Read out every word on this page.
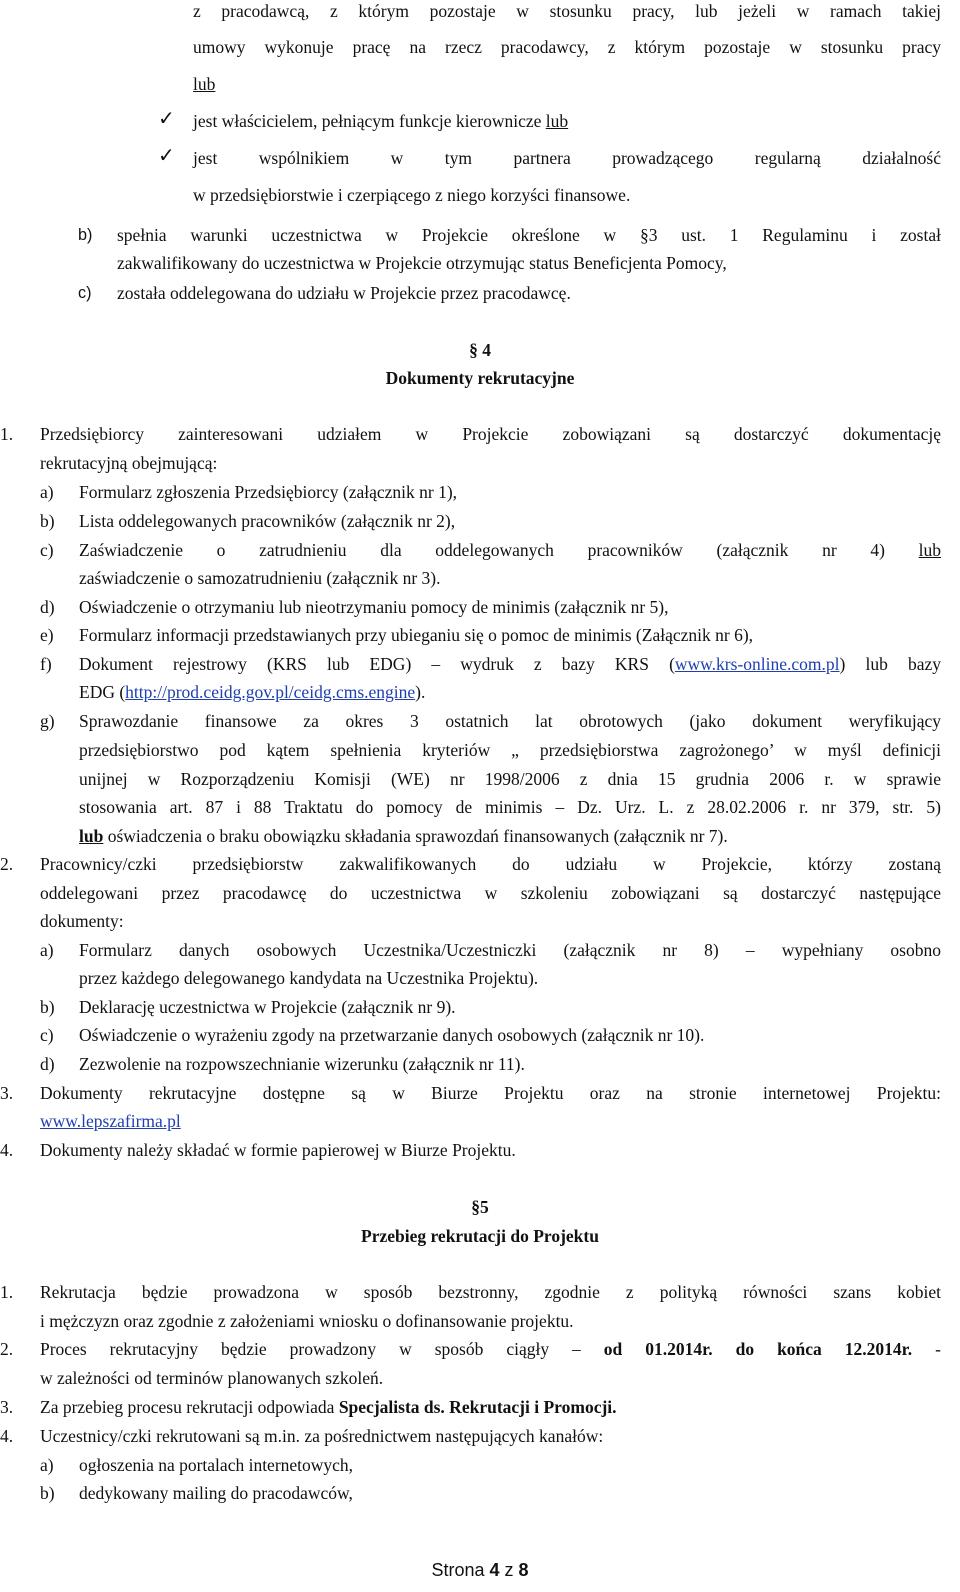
z pracodawcą, z którym pozostaje w stosunku pracy, lub jeżeli w ramach takiej
umowy wykonuje pracę na rzecz pracodawcy, z którym pozostaje w stosunku pracy
lub
✓ jest właścicielem, pełniącym funkcje kierownicze lub
✓ jest wspólnikiem w tym partnera prowadzącego regularną działalność
w przedsiębiorstwie i czerpiącego z niego korzyści finansowe.
b) spełnia warunki uczestnictwa w Projekcie określone w §3 ust. 1 Regulaminu i został
zakwalifikowany do uczestnictwa w Projekcie otrzymując status Beneficjenta Pomocy,
c) została oddelegowana do udziału w Projekcie przez pracodawcę.
§ 4
Dokumenty rekrutacyjne
1. Przedsiębiorcy zainteresowani udziałem w Projekcie zobowiązani są dostarczyć dokumentację
rekrutacyjną obejmującą:
a) Formularz zgłoszenia Przedsiębiorcy (załącznik nr 1),
b) Lista oddelegowanych pracowników (załącznik nr 2),
c) Zaświadczenie o zatrudnieniu dla oddelegowanych pracowników (załącznik nr 4) lub
zaświadczenie o samozatrudnieniu (załącznik nr 3).
d) Oświadczenie o otrzymaniu lub nieotrzymaniu pomocy de minimis (załącznik nr 5),
e) Formularz informacji przedstawianych przy ubieganiu się o pomoc de minimis (Załącznik nr 6),
f) Dokument rejestrowy (KRS lub EDG) – wydruk z bazy KRS (www.krs-online.com.pl) lub bazy
EDG (http://prod.ceidg.gov.pl/ceidg.cms.engine).
g) Sprawozdanie finansowe za okres 3 ostatnich lat obrotowych (jako dokument weryfikujący
przedsiębiorstwo pod kątem spełnienia kryteriów „ przedsiębiorstwa zagrożonego’ w myśl definicji
unijnej w Rozporządzeniu Komisji (WE) nr 1998/2006 z dnia 15 grudnia 2006 r. w sprawie
stosowania art. 87 i 88 Traktatu do pomocy de minimis – Dz. Urz. L. z 28.02.2006 r. nr 379, str. 5)
lub oświadczenia o braku obowiązku składania sprawozdań finansowanych (załącznik nr 7).
2. Pracownicy/czki przedsiębiorstw zakwalifikowanych do udziału w Projekcie, którzy zostaną
oddelegowani przez pracodawcę do uczestnictwa w szkoleniu zobowiązani są dostarczyć następujące
dokumenty:
a) Formularz danych osobowych Uczestnika/Uczestniczki (załącznik nr 8) – wypełniany osobno
przez każdego delegowanego kandydata na Uczestnika Projektu).
b) Deklarację uczestnictwa w Projekcie (załącznik nr 9).
c) Oświadczenie o wyrażeniu zgody na przetwarzanie danych osobowych (załącznik nr 10).
d) Zezwolenie na rozpowszechnianie wizerunku (załącznik nr 11).
3. Dokumenty rekrutacyjne dostępne są w Biurze Projektu oraz na stronie internetowej Projektu:
www.lepszafirma.pl
4. Dokumenty należy składać w formie papierowej w Biurze Projektu.
§5
Przebieg rekrutacji do Projektu
1. Rekrutacja będzie prowadzona w sposób bezstronny, zgodnie z polityką równości szans kobiet
i mężczyzn oraz zgodnie z założeniami wniosku o dofinansowanie projektu.
2. Proces rekrutacyjny będzie prowadzony w sposób ciągły – od 01.2014r. do końca 12.2014r. -
w zależności od terminów planowanych szkoleń.
3. Za przebieg procesu rekrutacji odpowiada Specjalista ds. Rekrutacji i Promocji.
4. Uczestnicy/czki rekrutowani są m.in. za pośrednictwem następujących kanałów:
a) ogłoszenia na portalach internetowych,
b) dedykowany mailing do pracodawców,
Strona 4 z 8
